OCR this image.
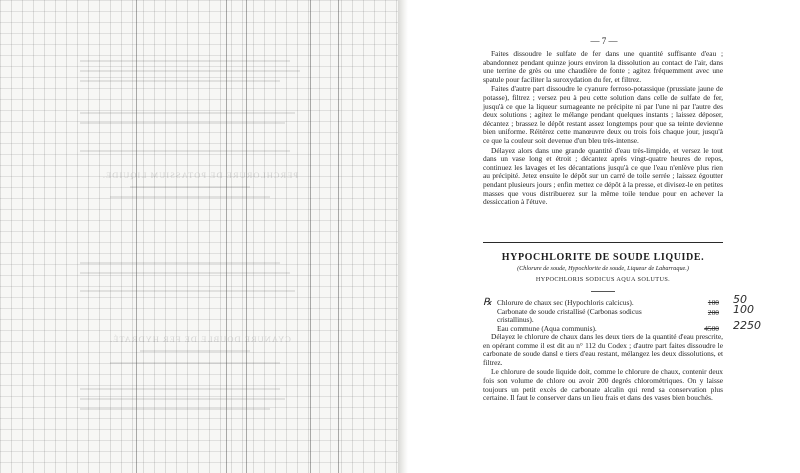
PERCHLORURE DE POTASSIUM LIQUIDE.
CYANURE DOUBLE DE FER HYDRATÉ.
— 7 —

Faites dissoudre le sulfate de fer dans une quantité suffisante d'eau ; abandonnez pendant quinze jours environ la dissolution au contact de l'air, dans une terrine de grès ou une chaudière de fonte ; agitez fréquemment avec une spatule pour faciliter la suroxydation du fer, et filtrez.

Faites d'autre part dissoudre le cyanure ferroso-potassique (prussiate jaune de potasse), filtrez ; versez peu à peu cette solution dans celle de sulfate de fer, jusqu'à ce que la liqueur surnageante ne précipite ni par l'une ni par l'autre des deux solutions ; agitez le mélange pendant quelques instants ; laissez déposer, décantez ; brassez le dépôt restant assez longtemps pour que sa teinte devienne bien uniforme. Réitérez cette manœuvre deux ou trois fois chaque jour, jusqu'à ce que la couleur soit devenue d'un bleu très-intense.

Délayez alors dans une grande quantité d'eau très-limpide, et versez le tout dans un vase long et étroit ; décantez après vingt-quatre heures de repos, continuez les lavages et les décantations jusqu'à ce que l'eau n'enlève plus rien au précipité. Jetez ensuite le dépôt sur un carré de toile serrée ; laissez égoutter pendant plusieurs jours ; enfin mettez ce dépôt à la presse, et divisez-le en petites masses que vous distribuerez sur la même toile tendue pour en achever la dessiccation à l'étuve.

HYPOCHLORITE DE SOUDE LIQUIDE.
(Chlorure de soude, Hypochlorite de soude, Liqueur de Labarraque.)
HYPOCHLORIS SODICUS AQUA SOLUTUS.
℞ Chlorure de chaux sec (Hypochloris calcicus).	100 50
Carbonate de soude cristallisé (Carbonas sodicus cristallinus).
200 100
Eau commune (Aqua communis).	4500 2250

Délayez le chlorure de chaux dans les deux tiers de la quantité d'eau prescrite, en opérant comme il est dit au n° 112 du Codex ; d'autre part faites dissoudre le carbonate de soude dansl e tiers d'eau restant, mélangez les deux dissolutions, et filtrez.

Le chlorure de soude liquide doit, comme le chlorure de chaux, contenir deux fois son volume de chlore ou avoir 200 degrés chlorométriques. On y laisse toujours un petit excès de carbonate alcalin qui rend sa conservation plus certaine. Il faut le conserver dans un lieu frais et dans des vases bien bouchés.
